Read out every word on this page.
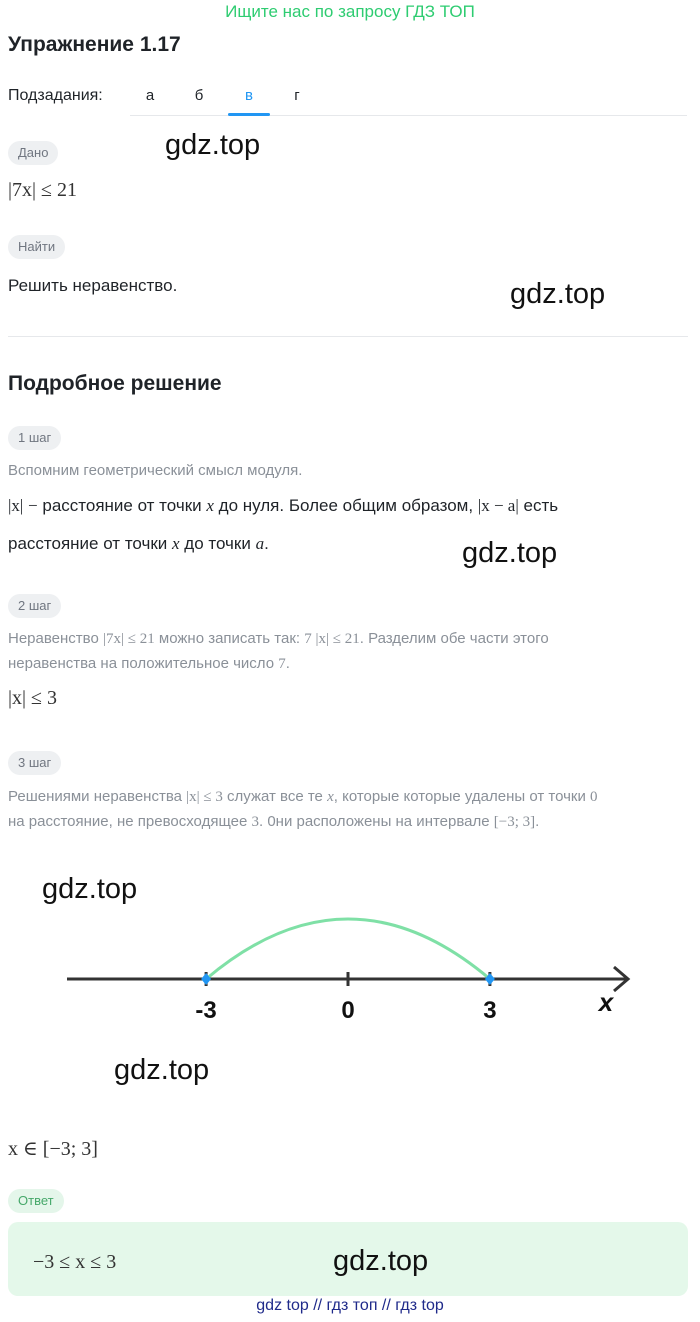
Ищите нас по запросу ГДЗ ТОП
Упражнение 1.17
Подзадания:	а	б	в	г
Дано	gdz.top
|7x| ≤ 21
Найти
Решить неравенство.	gdz.top
Подробное решение
1 шаг
Вспомним геометрический смысл модуля.
|x| − расстояние от точки x до нуля. Более общим образом, |x − a| есть
расстояние от точки x до точки a.	gdz.top
2 шаг
Неравенство |7x| ≤ 21 можно записать так: 7 |x| ≤ 21. Разделим обе части этого
неравенства на положительное число 7.
|x| ≤ 3
3 шаг
Решениями неравенства |x| ≤ 3 служат все те x, которые которые удалены от точки 0
на расстояние, не превосходящее 3. 0ни расположены на интервале [−3; 3].
gdz.top
-3	0	3	x
gdz.top
x ∈ [−3; 3]
Ответ
−3 ≤ x ≤ 3	gdz.top
gdz top // гдз топ // гдз top
